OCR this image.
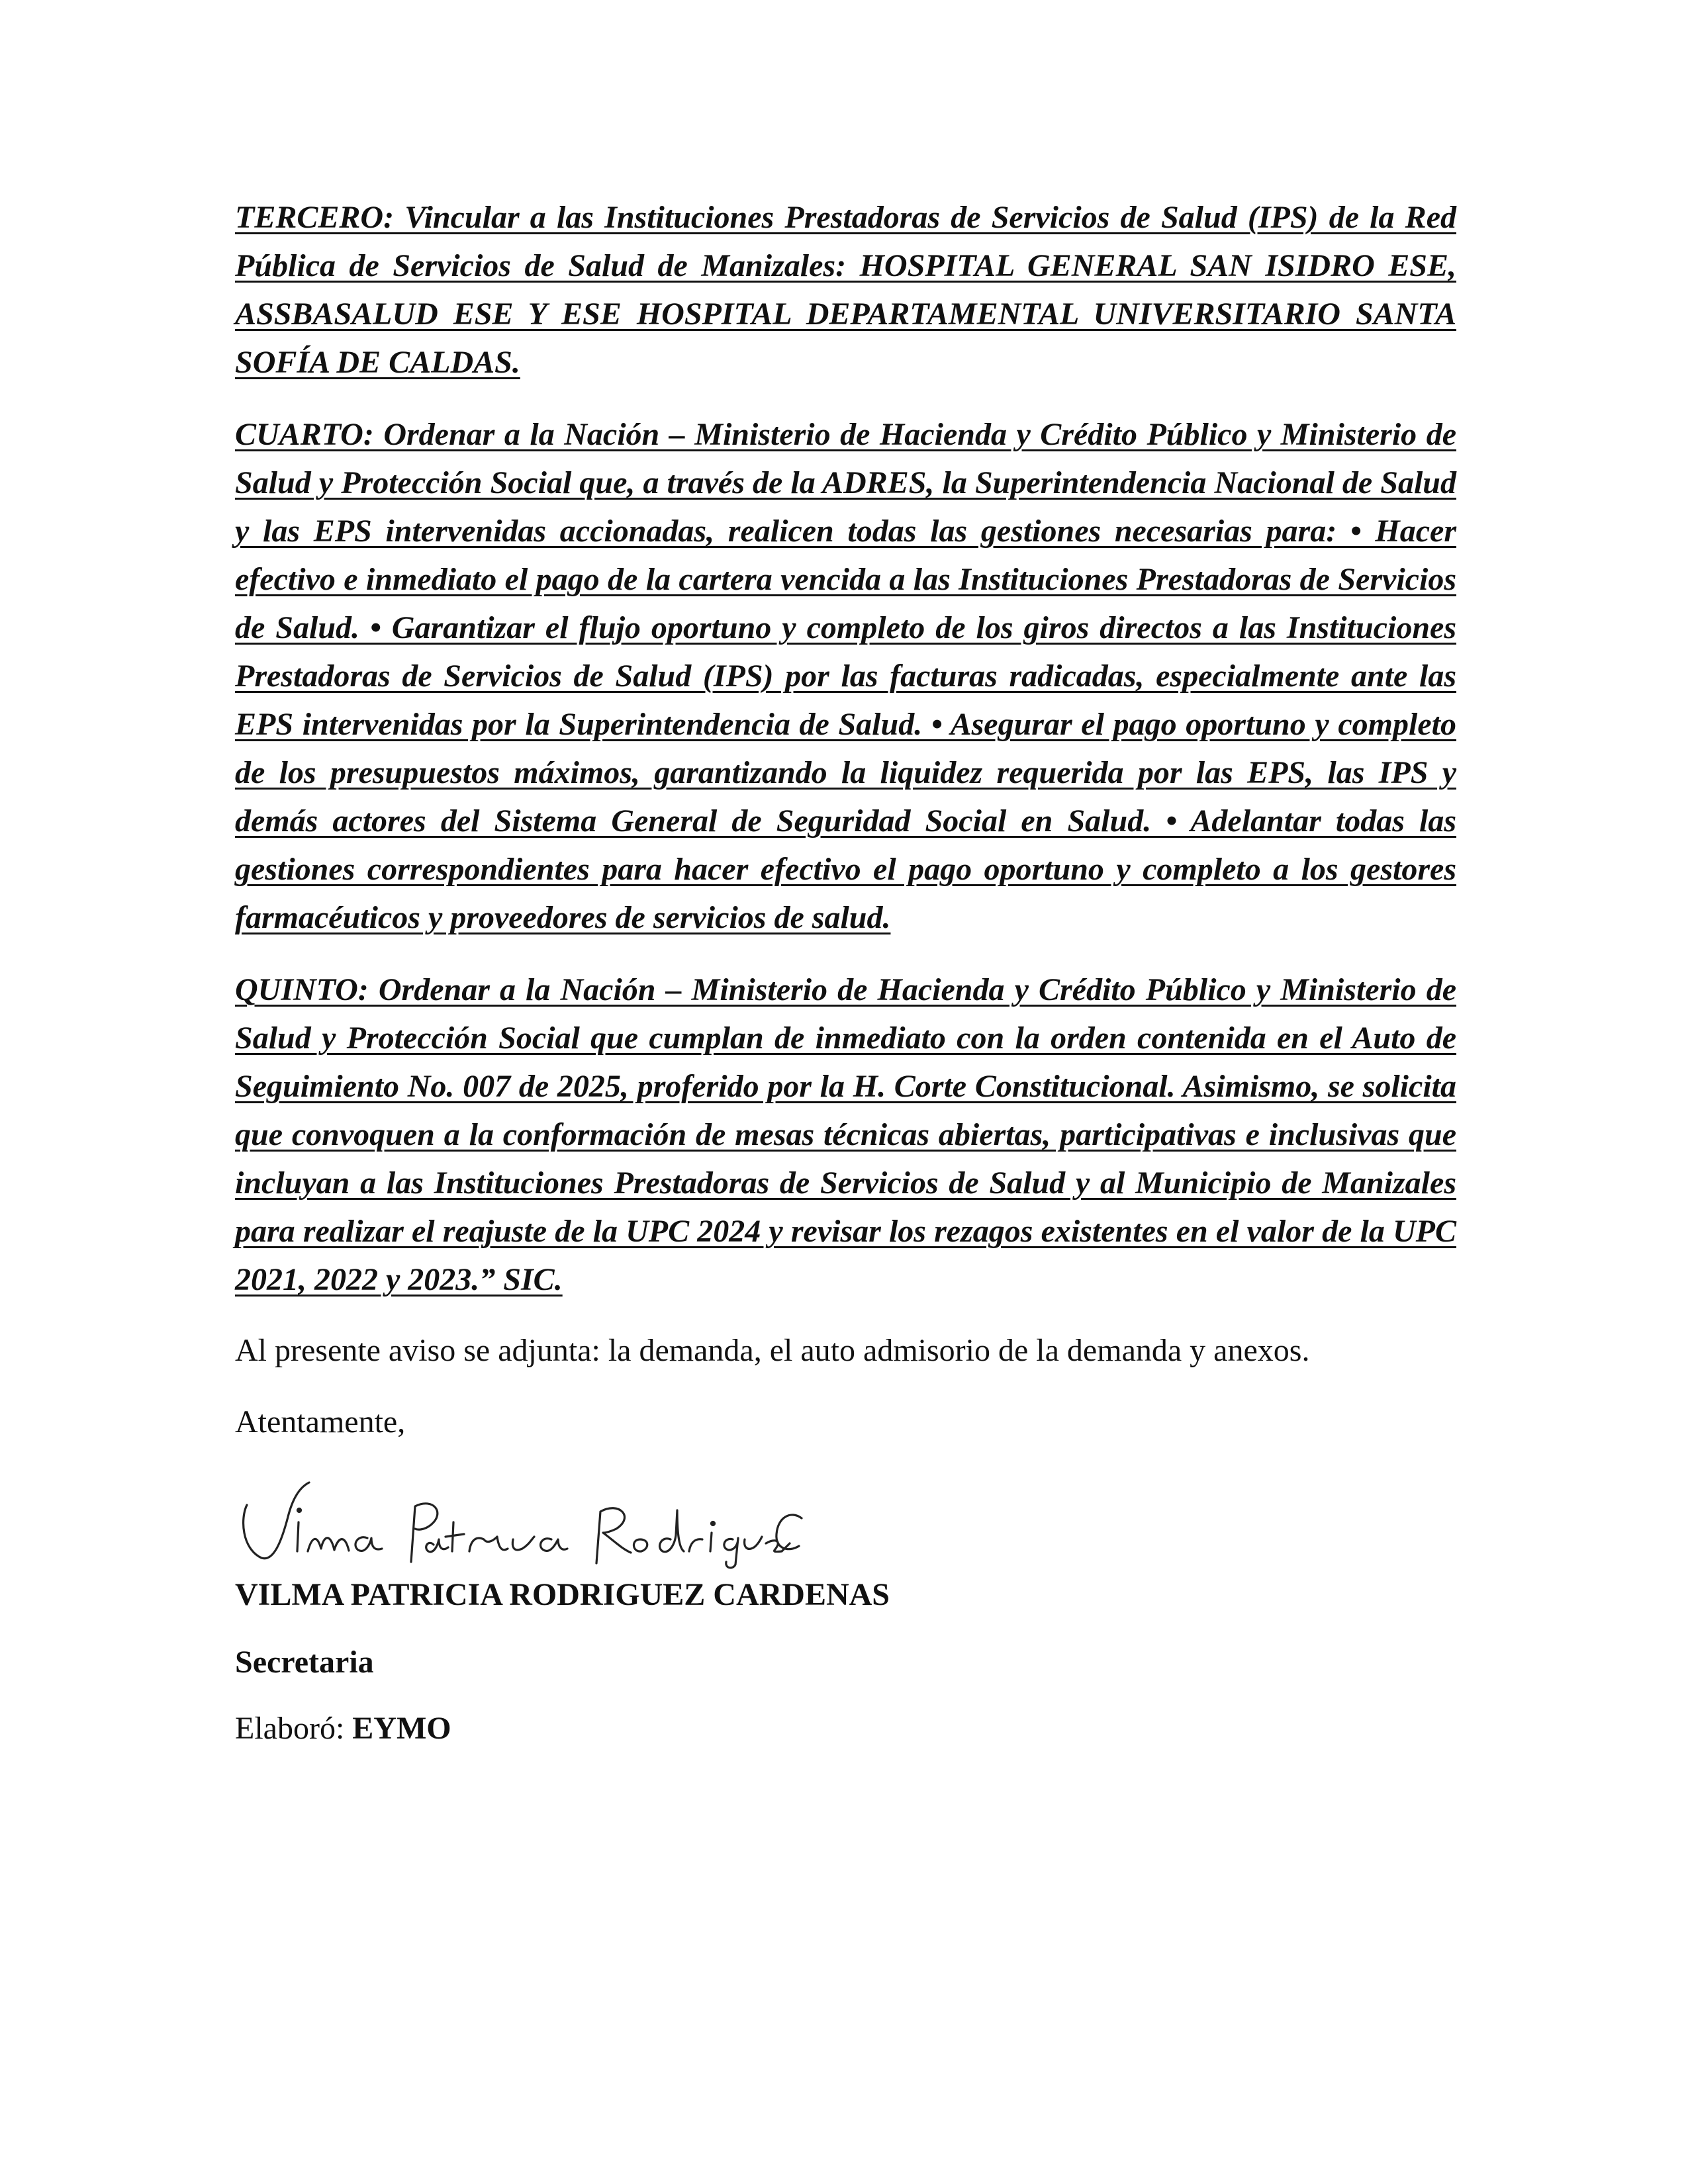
TERCERO: Vincular a las Instituciones Prestadoras de Servicios de Salud (IPS) de la Red Pública de Servicios de Salud de Manizales: HOSPITAL GENERAL SAN ISIDRO ESE, ASSBASALUD ESE Y ESE HOSPITAL DEPARTAMENTAL UNIVERSITARIO SANTA SOFÍA DE CALDAS.

CUARTO: Ordenar a la Nación – Ministerio de Hacienda y Crédito Público y Ministerio de Salud y Protección Social que, a través de la ADRES, la Superintendencia Nacional de Salud y las EPS intervenidas accionadas, realicen todas las gestiones necesarias para: • Hacer efectivo e inmediato el pago de la cartera vencida a las Instituciones Prestadoras de Servicios de Salud. • Garantizar el flujo oportuno y completo de los giros directos a las Instituciones Prestadoras de Servicios de Salud (IPS) por las facturas radicadas, especialmente ante las EPS intervenidas por la Superintendencia de Salud. • Asegurar el pago oportuno y completo de los presupuestos máximos, garantizando la liquidez requerida por las EPS, las IPS y demás actores del Sistema General de Seguridad Social en Salud. • Adelantar todas las gestiones correspondientes para hacer efectivo el pago oportuno y completo a los gestores farmacéuticos y proveedores de servicios de salud.

QUINTO: Ordenar a la Nación – Ministerio de Hacienda y Crédito Público y Ministerio de Salud y Protección Social que cumplan de inmediato con la orden contenida en el Auto de Seguimiento No. 007 de 2025, proferido por la H. Corte Constitucional. Asimismo, se solicita que convoquen a la conformación de mesas técnicas abiertas, participativas e inclusivas que incluyan a las Instituciones Prestadoras de Servicios de Salud y al Municipio de Manizales para realizar el reajuste de la UPC 2024 y revisar los rezagos existentes en el valor de la UPC 2021, 2022 y 2023.” SIC.

Al presente aviso se adjunta: la demanda, el auto admisorio de la demanda y anexos.

Atentamente,

VILMA PATRICIA RODRIGUEZ CARDENAS

Secretaria

Elaboró: EYMO
